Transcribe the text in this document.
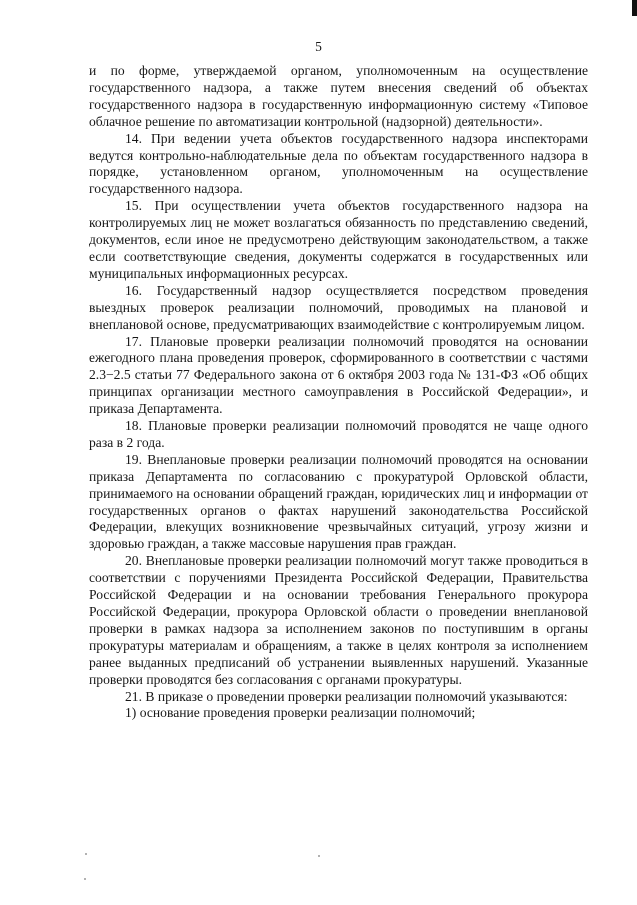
5

и по форме, утверждаемой органом, уполномоченным на осуществление государственного надзора, а также путем внесения сведений об объектах государственного надзора в государственную информационную систему «Типовое облачное решение по автоматизации контрольной (надзорной) деятельности».

14. При ведении учета объектов государственного надзора инспекторами ведутся контрольно-наблюдательные дела по объектам государственного надзора в порядке, установленном органом, уполномоченным на осуществление государственного надзора.

15. При осуществлении учета объектов государственного надзора на контролируемых лиц не может возлагаться обязанность по представлению сведений, документов, если иное не предусмотрено действующим законодательством, а также если соответствующие сведения, документы содержатся в государственных или муниципальных информационных ресурсах.

16. Государственный надзор осуществляется посредством проведения выездных проверок реализации полномочий, проводимых на плановой и внеплановой основе, предусматривающих взаимодействие с контролируемым лицом.

17. Плановые проверки реализации полномочий проводятся на основании ежегодного плана проведения проверок, сформированного в соответствии с частями 2.3−2.5 статьи 77 Федерального закона от 6 октября 2003 года № 131-ФЗ «Об общих принципах организации местного самоуправления в Российской Федерации», и приказа Департамента.

18. Плановые проверки реализации полномочий проводятся не чаще одного раза в 2 года.

19. Внеплановые проверки реализации полномочий проводятся на основании приказа Департамента по согласованию с прокуратурой Орловской области, принимаемого на основании обращений граждан, юридических лиц и информации от государственных органов о фактах нарушений законодательства Российской Федерации, влекущих возникновение чрезвычайных ситуаций, угрозу жизни и здоровью граждан, а также массовые нарушения прав граждан.

20. Внеплановые проверки реализации полномочий могут также проводиться в соответствии с поручениями Президента Российской Федерации, Правительства Российской Федерации и на основании требования Генерального прокурора Российской Федерации, прокурора Орловской области о проведении внеплановой проверки в рамках надзора за исполнением законов по поступившим в органы прокуратуры материалам и обращениям, а также в целях контроля за исполнением ранее выданных предписаний об устранении выявленных нарушений. Указанные проверки проводятся без согласования с органами прокуратуры.

21. В приказе о проведении проверки реализации полномочий указываются:

1) основание проведения проверки реализации полномочий;
